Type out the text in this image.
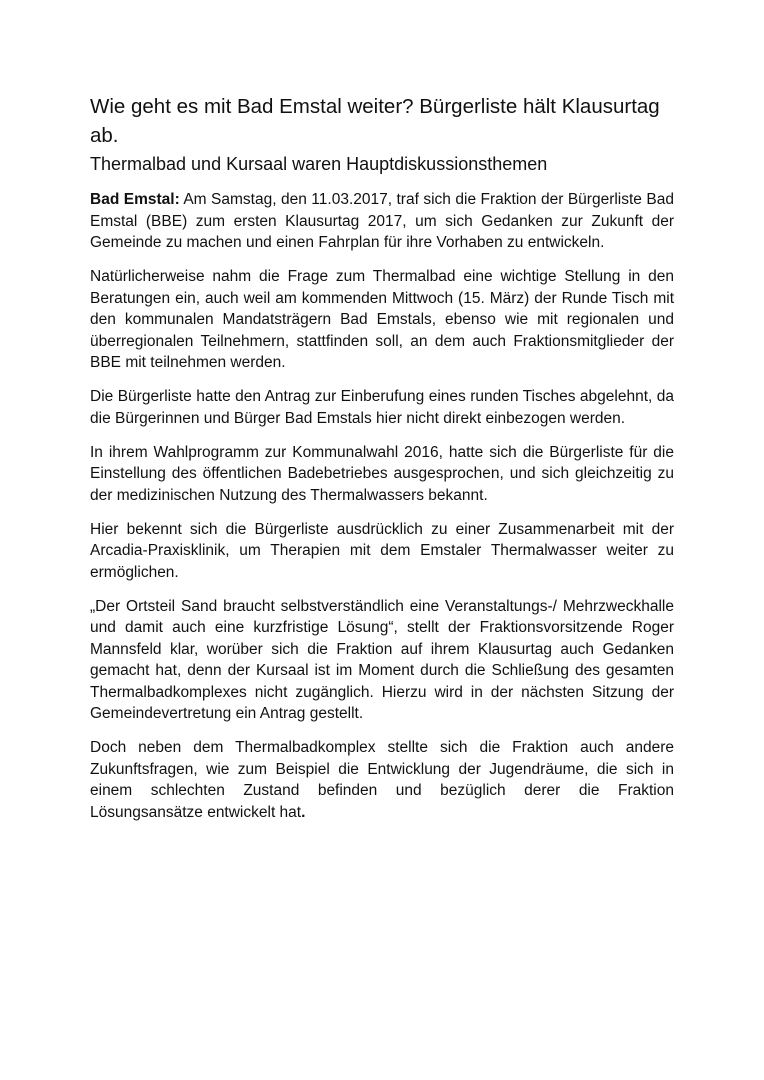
Wie geht es mit Bad Emstal weiter? Bürgerliste hält Klausurtag ab.
Thermalbad und Kursaal waren Hauptdiskussionsthemen

Bad Emstal: Am Samstag, den 11.03.2017, traf sich die Fraktion der Bürgerliste Bad Emstal (BBE) zum ersten Klausurtag 2017, um sich Gedanken zur Zukunft der Gemeinde zu machen und einen Fahrplan für ihre Vorhaben zu entwickeln.

Natürlicherweise nahm die Frage zum Thermalbad eine wichtige Stellung in den Beratungen ein, auch weil am kommenden Mittwoch (15. März) der Runde Tisch mit den kommunalen Mandatsträgern Bad Emstals, ebenso wie mit regionalen und überregionalen Teilnehmern, stattfinden soll, an dem auch Fraktionsmitglieder der BBE mit teilnehmen werden.

Die Bürgerliste hatte den Antrag zur Einberufung eines runden Tisches abgelehnt, da die Bürgerinnen und Bürger Bad Emstals hier nicht direkt einbezogen werden.

In ihrem Wahlprogramm zur Kommunalwahl 2016, hatte sich die Bürgerliste für die Einstellung des öffentlichen Badebetriebes ausgesprochen, und sich gleichzeitig zu der medizinischen Nutzung des Thermalwassers bekannt.

Hier bekennt sich die Bürgerliste ausdrücklich zu einer Zusammenarbeit mit der Arcadia-Praxisklinik, um Therapien mit dem Emstaler Thermalwasser weiter zu ermöglichen.

„Der Ortsteil Sand braucht selbstverständlich eine Veranstaltungs-/ Mehrzweckhalle und damit auch eine kurzfristige Lösung“, stellt der Fraktionsvorsitzende Roger Mannsfeld klar, worüber sich die Fraktion auf ihrem Klausurtag auch Gedanken gemacht hat, denn der Kursaal ist im Moment durch die Schließung des gesamten Thermalbadkomplexes nicht zugänglich. Hierzu wird in der nächsten Sitzung der Gemeindevertretung ein Antrag gestellt.

Doch neben dem Thermalbadkomplex stellte sich die Fraktion auch andere Zukunftsfragen, wie zum Beispiel die Entwicklung der Jugendräume, die sich in einem schlechten Zustand befinden und bezüglich derer die Fraktion Lösungsansätze entwickelt hat.
